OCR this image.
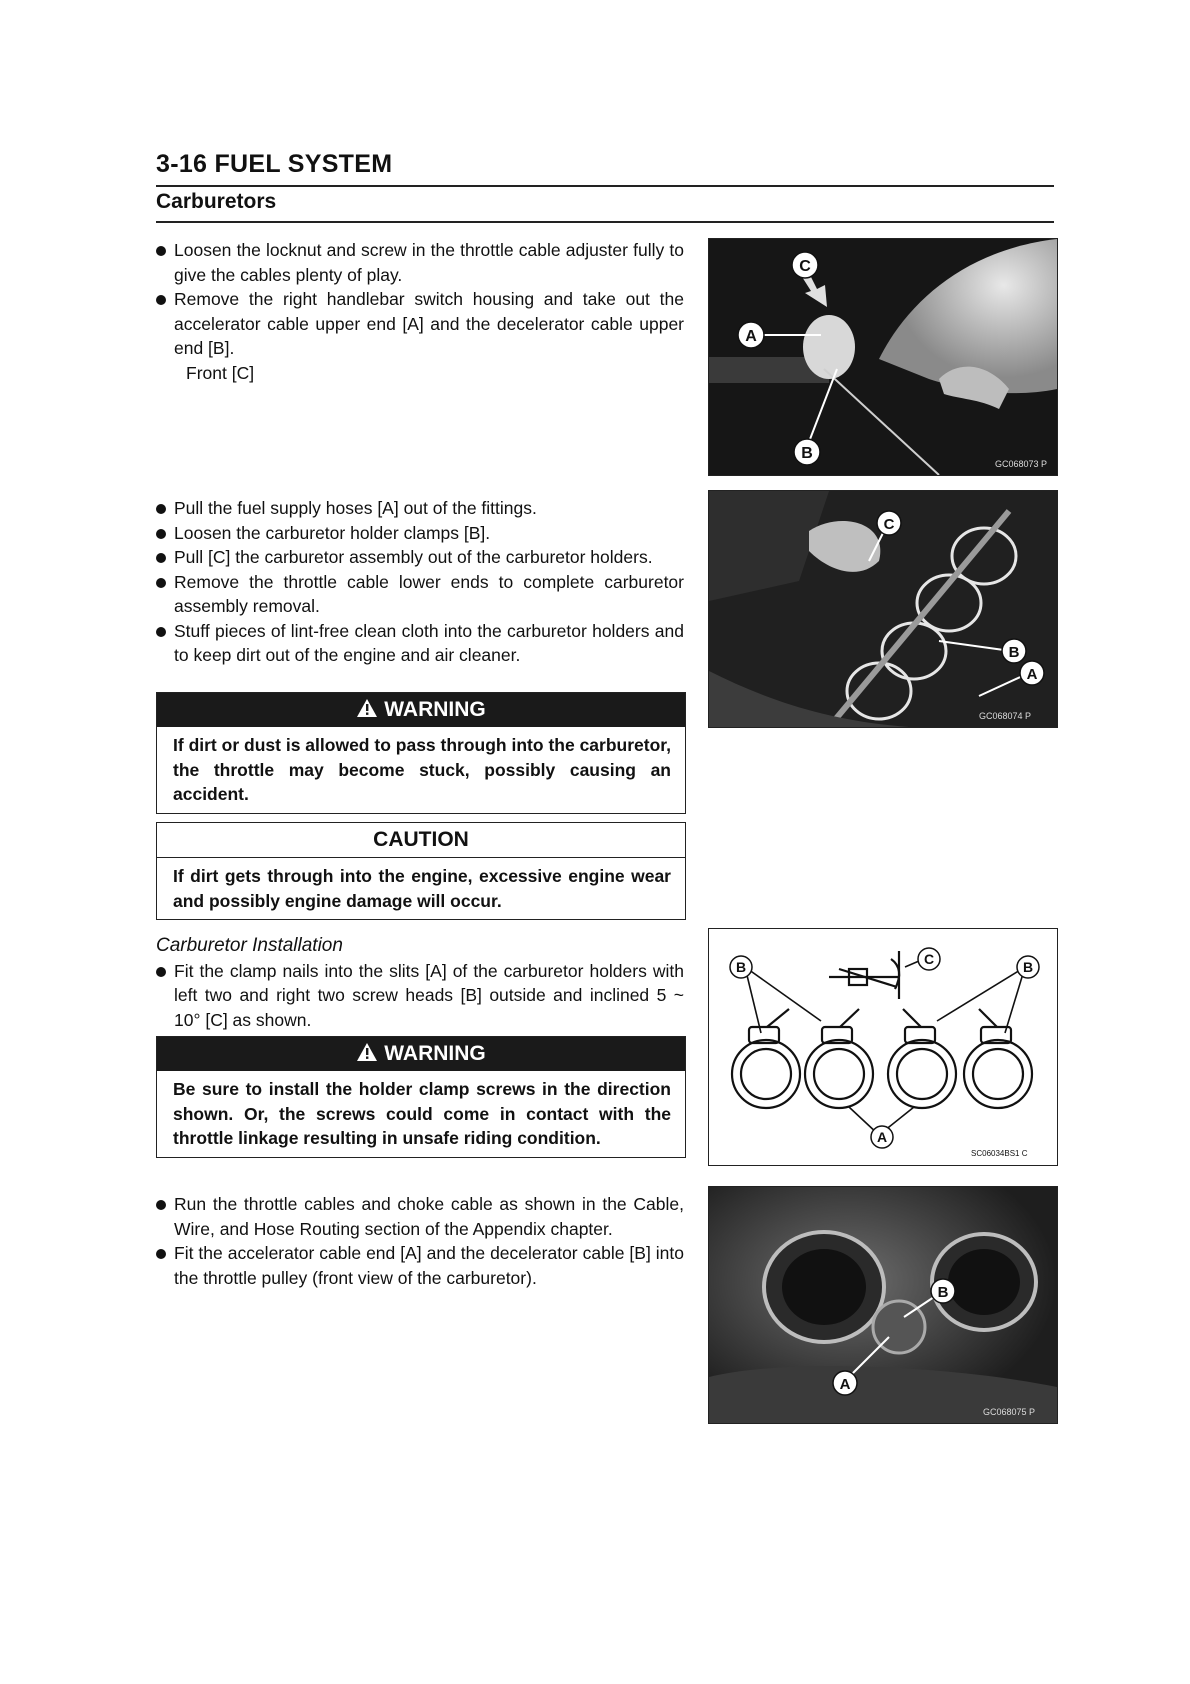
3-16 FUEL SYSTEM
Carburetors
Loosen the locknut and screw in the throttle cable adjuster fully to give the cables plenty of play.
Remove the right handlebar switch housing and take out the accelerator cable upper end [A] and the decelerator cable upper end [B].
Front [C]
C
A
B
GC068073 P
Pull the fuel supply hoses [A] out of the fittings.
Loosen the carburetor holder clamps [B].
Pull [C] the carburetor assembly out of the carburetor holders.
Remove the throttle cable lower ends to complete carburetor assembly removal.
Stuff pieces of lint-free clean cloth into the carburetor holders and to keep dirt out of the engine and air cleaner.
C
B
A
GC068074 P
WARNING
If dirt or dust is allowed to pass through into the carburetor, the throttle may become stuck, possibly causing an accident.
CAUTION
If dirt gets through into the engine, excessive engine wear and possibly engine damage will occur.
Carburetor Installation
Fit the clamp nails into the slits [A] of the carburetor holders with left two and right two screw heads [B] outside and inclined 5 ~ 10° [C] as shown.
B	C	B
A
SC06034BS1 C
WARNING
Be sure to install the holder clamp screws in the direction shown. Or, the screws could come in contact with the throttle linkage resulting in unsafe riding condition.
Run the throttle cables and choke cable as shown in the Cable, Wire, and Hose Routing section of the Appendix chapter.
Fit the accelerator cable end [A] and the decelerator cable [B] into the throttle pulley (front view of the carburetor).
B
A
GC068075 P
